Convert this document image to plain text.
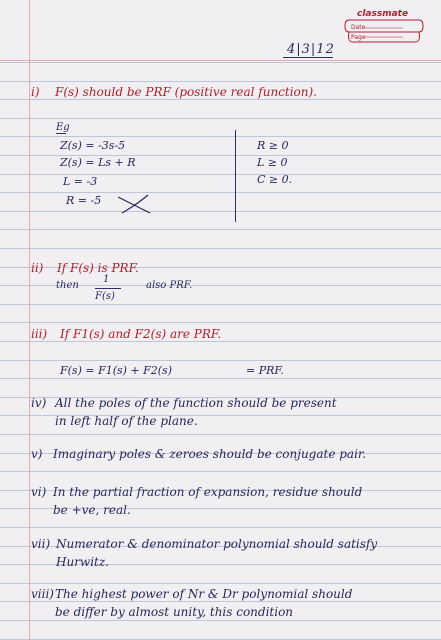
classmate
Date
Page
4|3|12
i) F(s) should be PRF (positive real function).
Eg
Z(s) = -3s-5
Z(s) = Ls + R
L = -3
R = -5
R ≥ 0
L ≥ 0
C ≥ 0.
ii) If F(s) is PRF.
then
1
F(s)
also PRF.
iii) If F1(s) and F2(s) are PRF.
F(s) = F1(s) + F2(s)	= PRF.
iv) All the poles of the function should be present
in left half of the plane.
v) Imaginary poles & zeroes should be conjugate pair.
vi) In the partial fraction of expansion, residue should
be +ve, real.
vii) Numerator & denominator polynomial should satisfy
Hurwitz.
viii) The highest power of Nr & Dr polynomial should
be differ by almost unity, this condition
